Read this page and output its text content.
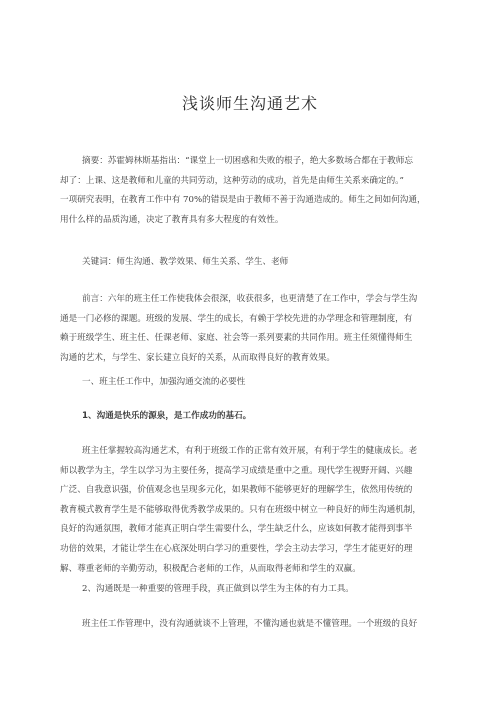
浅谈师生沟通艺术
摘要：苏霍姆林斯基指出：“课堂上一切困惑和失败的根子，绝大多数场合都在于教师忘
却了：上课、这是教师和儿童的共同劳动，这种劳动的成功，首先是由师生关系来确定的。”
一项研究表明，在教育工作中有 70%的错误是由于教师不善于沟通造成的。师生之间如何沟通，
用什么样的品质沟通，决定了教育具有多大程度的有效性。
关键词：师生沟通、教学效果、师生关系、学生、老师
前言：六年的班主任工作使我体会很深，收获很多，也更清楚了在工作中，学会与学生沟
通是一门必修的课题。班级的发展、学生的成长，有赖于学校先进的办学理念和管理制度，有
赖于班级学生、班主任、任课老师、家庭、社会等一系列要素的共同作用。班主任须懂得师生
沟通的艺术，与学生、家长建立良好的关系，从而取得良好的教育效果。
一、班主任工作中，加强沟通交流的必要性
1、沟通是快乐的源泉，是工作成功的基石。
班主任掌握较高沟通艺术，有利于班级工作的正常有效开展，有利于学生的健康成长。老
师以教学为主，学生以学习为主要任务，提高学习成绩是重中之重。现代学生视野开阔、兴趣
广泛、自我意识强，价值观念也呈现多元化，如果教师不能够更好的理解学生，依然用传统的
教育模式教育学生是不能够取得优秀教学成果的。只有在班级中树立一种良好的师生沟通机制，
良好的沟通氛围，教师才能真正明白学生需要什么，学生缺乏什么，应该如何教才能得到事半
功倍的效果，才能让学生在心底深处明白学习的重要性，学会主动去学习，学生才能更好的理
解、尊重老师的辛勤劳动，积极配合老师的工作，从而取得老师和学生的双赢。
2、沟通既是一种重要的管理手段，真正做到以学生为主体的有力工具。
班主任工作管理中，没有沟通就谈不上管理，不懂沟通也就是不懂管理。一个班级的良好
